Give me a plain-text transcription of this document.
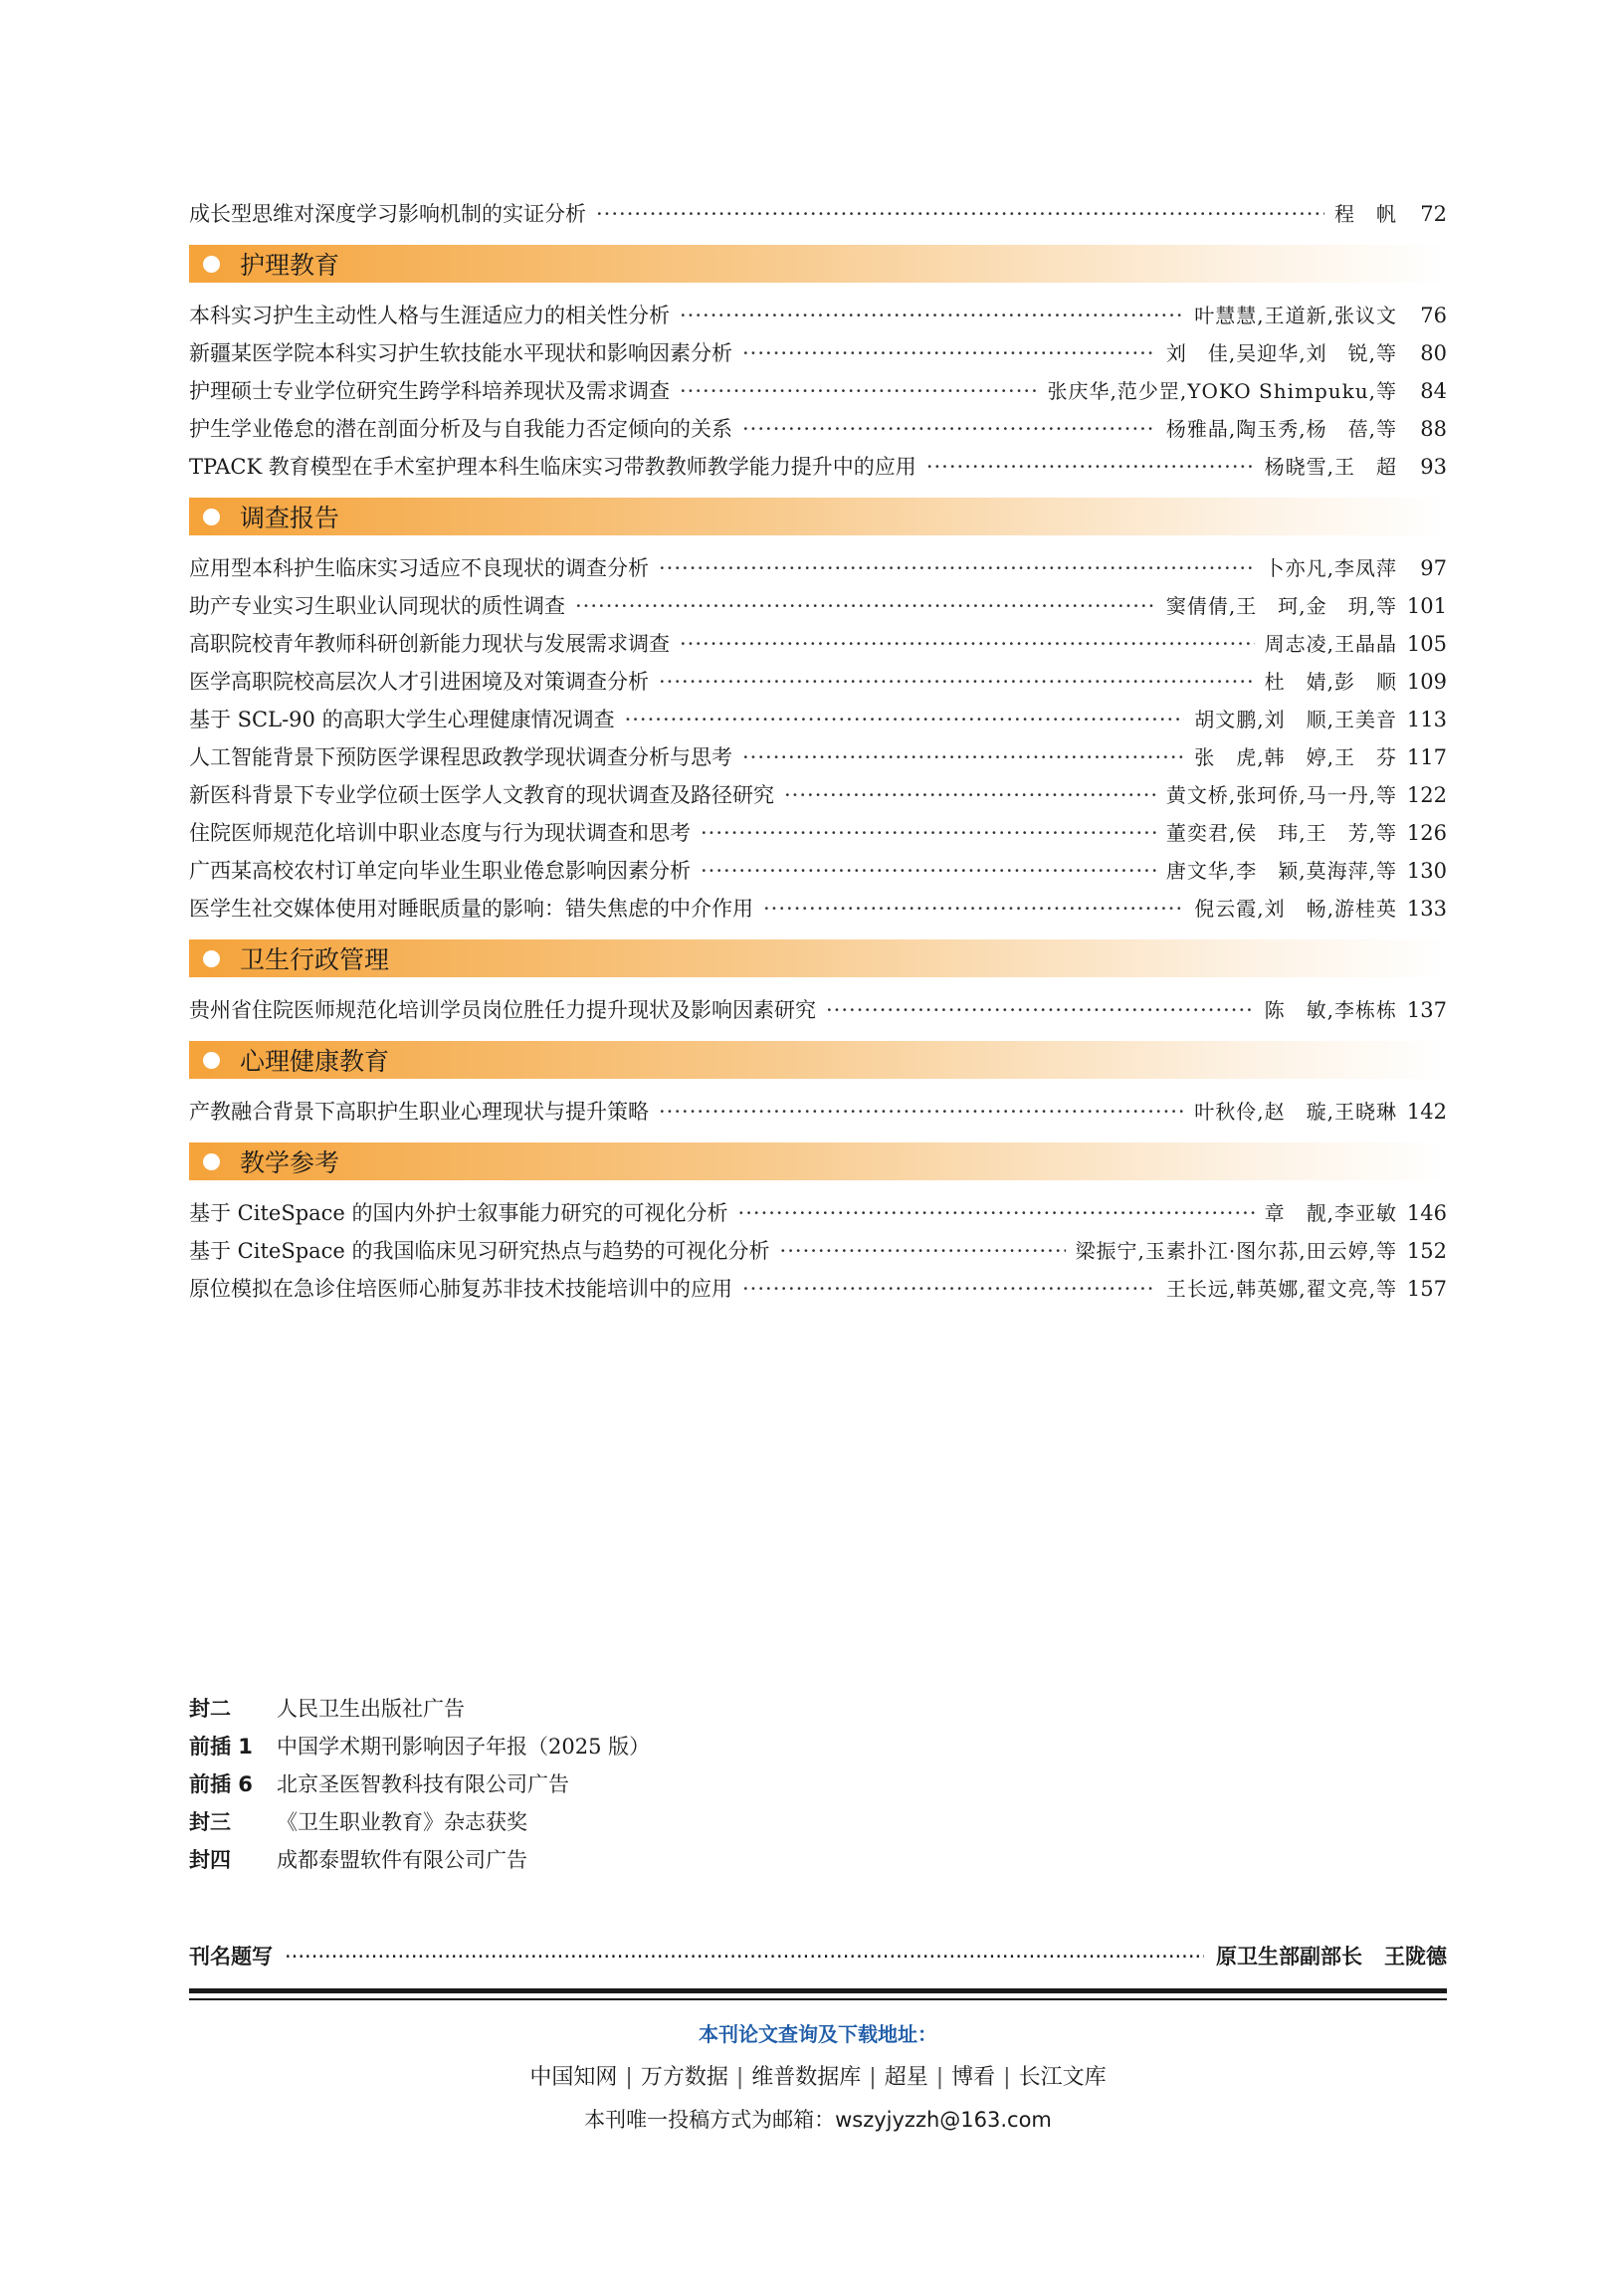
成长型思维对深度学习影响机制的实证分析 ·····	程　帆	72
护理教育
本科实习护生主动性人格与生涯适应力的相关性分析 ·····	叶慧慧,王道新,张议文	76
新疆某医学院本科实习护生软技能水平现状和影响因素分析 ·····	刘　佳,吴迎华,刘　锐,等	80
护理硕士专业学位研究生跨学科培养现状及需求调查 ·····	张庆华,范少罡,YOKO Shimpuku,等	84
护生学业倦怠的潜在剖面分析及与自我能力否定倾向的关系 ·····	杨雅晶,陶玉秀,杨　蓓,等	88
TPACK 教育模型在手术室护理本科生临床实习带教教师教学能力提升中的应用 ·····	杨晓雪,王　超	93
调查报告
应用型本科护生临床实习适应不良现状的调查分析 ·····	卜亦凡,李凤萍	97
助产专业实习生职业认同现状的质性调查 ·····	窦倩倩,王　珂,金　玥,等 101
高职院校青年教师科研创新能力现状与发展需求调查 ·····	周志凌,王晶晶 105
医学高职院校高层次人才引进困境及对策调查分析 ·····	杜　婧,彭　顺 109
基于 SCL-90 的高职大学生心理健康情况调查 ·····	胡文鹏,刘　顺,王美音 113
人工智能背景下预防医学课程思政教学现状调查分析与思考 ·····	张　虎,韩　婷,王　芬 117
新医科背景下专业学位硕士医学人文教育的现状调查及路径研究 ·····	黄文桥,张珂侨,马一丹,等 122
住院医师规范化培训中职业态度与行为现状调查和思考 ·····	董奕君,侯　玮,王　芳,等 126
广西某高校农村订单定向毕业生职业倦怠影响因素分析 ·····	唐文华,李　颖,莫海萍,等 130
医学生社交媒体使用对睡眠质量的影响：错失焦虑的中介作用 ·····	倪云霞,刘　畅,游桂英 133
卫生行政管理
贵州省住院医师规范化培训学员岗位胜任力提升现状及影响因素研究 ·····	陈　敏,李栋栋 137
心理健康教育
产教融合背景下高职护生职业心理现状与提升策略 ·····	叶秋伶,赵　璇,王晓琳 142
教学参考
基于 CiteSpace 的国内外护士叙事能力研究的可视化分析 ·····	章　靓,李亚敏 146
基于 CiteSpace 的我国临床见习研究热点与趋势的可视化分析 ·····	梁振宁,玉素扑江·图尔荪,田云婷,等 152
原位模拟在急诊住培医师心肺复苏非技术技能培训中的应用 ·····	王长远,韩英娜,翟文亮,等 157
封二	人民卫生出版社广告
前插 1	中国学术期刊影响因子年报（2025 版）
前插 6	北京圣医智教科技有限公司广告
封三	《卫生职业教育》杂志获奖
封四	成都泰盟软件有限公司广告
刊名题写 ·····	原卫生部副部长 王陇德
本刊论文查询及下载地址：
中国知网 | 万方数据 | 维普数据库 | 超星 | 博看 | 长江文库
本刊唯一投稿方式为邮箱：wszyjyzzh@163.com
